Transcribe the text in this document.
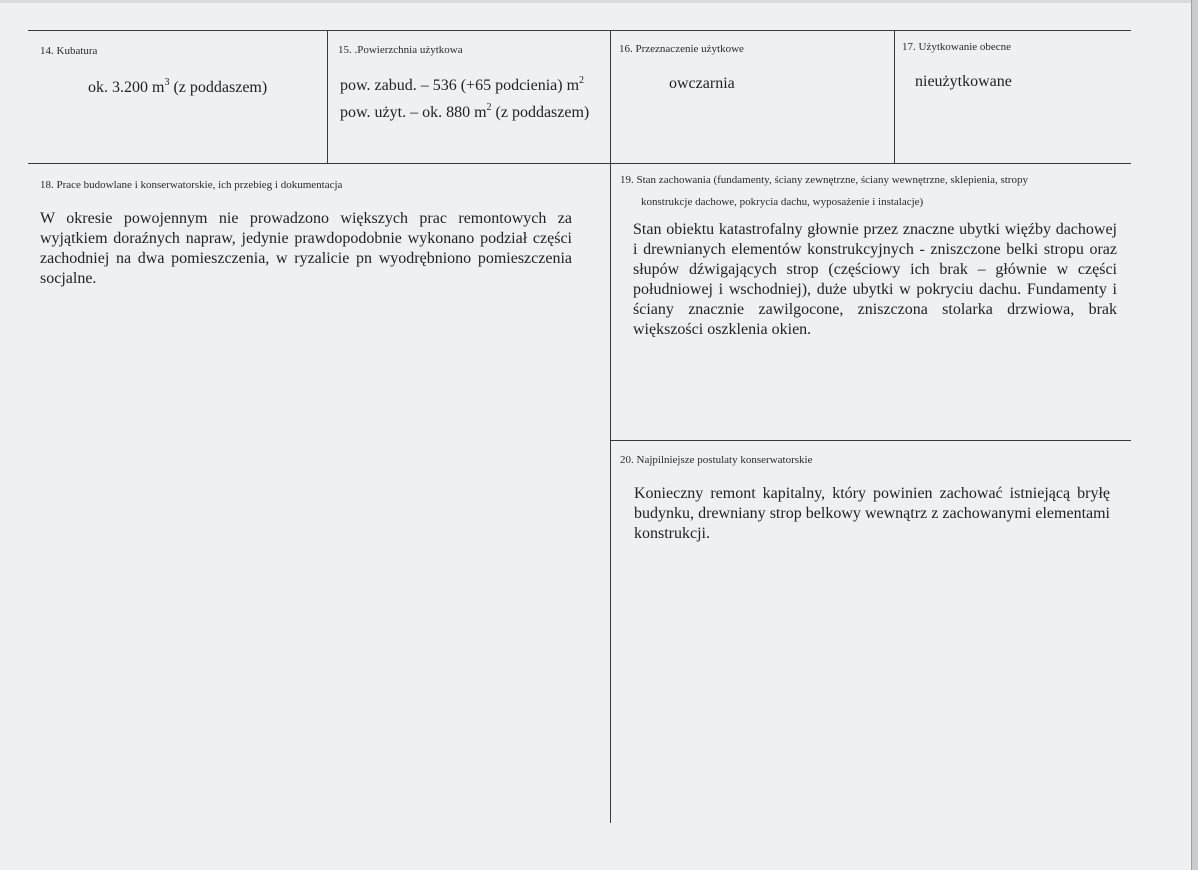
14. Kubatura
ok. 3.200 $m^3$ (z poddaszem)
15. .Powierzchnia użytkowa
pow. zabud. – 536 (+65 podcienia) $m^2$
pow. użyt. – ok. 880 $m^2$ (z poddaszem)
16. Przeznaczenie użytkowe
owczarnia
17. Użytkowanie obecne
nieużytkowane
18. Prace budowlane i konserwatorskie, ich przebieg i dokumentacja
W okresie powojennym nie prowadzono większych prac remontowych za wyjątkiem doraźnych napraw, jedynie prawdopodobnie wykonano podział części zachodniej na dwa pomieszczenia, w ryzalicie pn wyodrębniono pomieszczenia socjalne.
19. Stan zachowania (fundamenty, ściany zewnętrzne, ściany wewnętrzne, sklepienia, stropy
konstrukcje dachowe, pokrycia dachu, wyposażenie i instalacje)
Stan obiektu katastrofalny głownie przez znaczne ubytki więźby dachowej i drewnianych elementów konstrukcyjnych - zniszczone belki stropu oraz słupów dźwigających strop (częściowy ich brak – głównie w części południowej i wschodniej), duże ubytki w pokryciu dachu. Fundamenty i ściany znacznie zawilgocone, zniszczona stolarka drzwiowa, brak większości oszklenia okien.
20. Najpilniejsze postulaty konserwatorskie
Konieczny remont kapitalny, który powinien zachować istniejącą bryłę budynku, drewniany strop belkowy wewnątrz z zachowanymi elementami konstrukcji.
